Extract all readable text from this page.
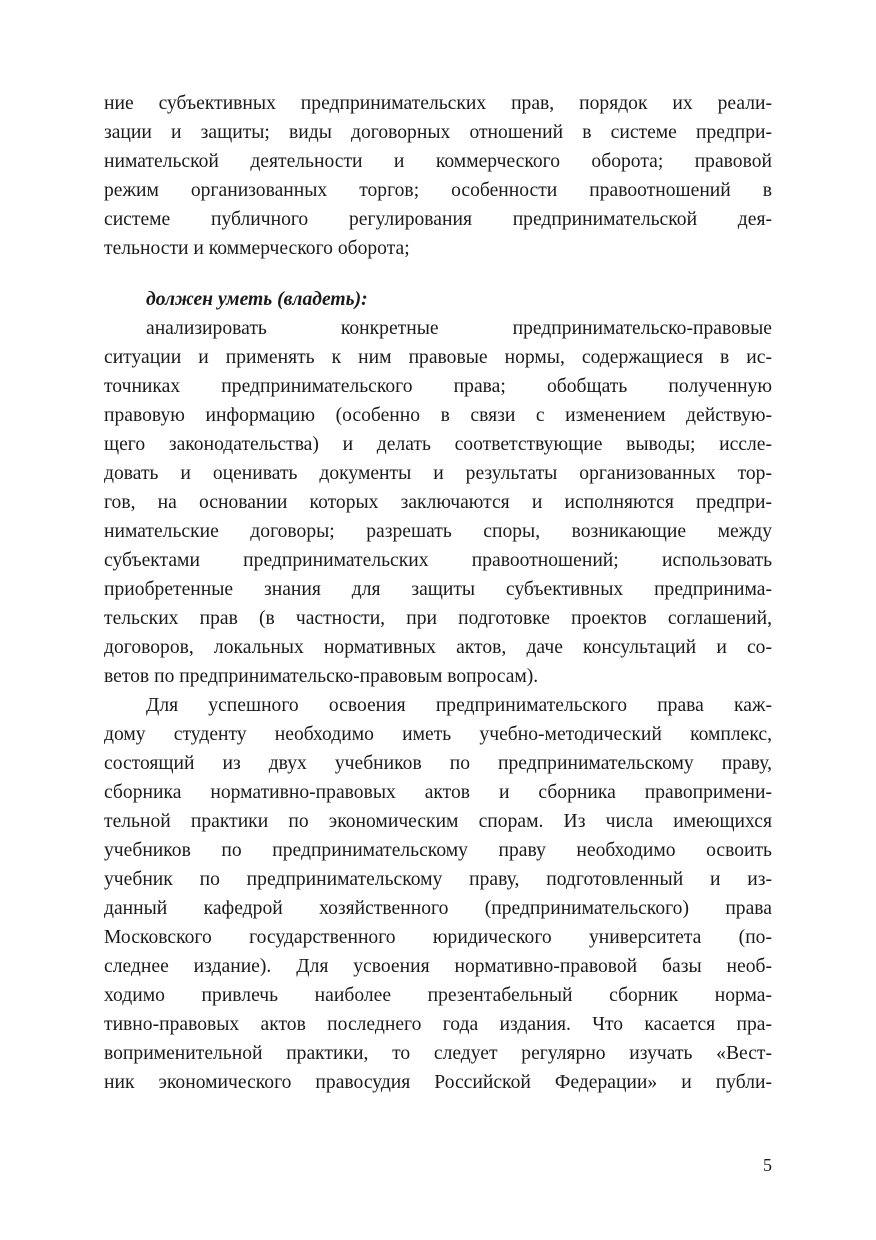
ние субъективных предпринимательских прав, порядок их реали-
зации и защиты; виды договорных отношений в системе предпри-
нимательской деятельности и коммерческого оборота; правовой
режим организованных торгов; особенности правоотношений в
системе публичного регулирования предпринимательской дея-
тельности и коммерческого оборота;
должен уметь (владеть):
анализировать конкретные предпринимательско-правовые
ситуации и применять к ним правовые нормы, содержащиеся в ис-
точниках предпринимательского права; обобщать полученную
правовую информацию (особенно в связи с изменением действую-
щего законодательства) и делать соответствующие выводы; иссле-
довать и оценивать документы и результаты организованных тор-
гов, на основании которых заключаются и исполняются предпри-
нимательские договоры; разрешать споры, возникающие между
субъектами предпринимательских правоотношений; использовать
приобретенные знания для защиты субъективных предпринима-
тельских прав (в частности, при подготовке проектов соглашений,
договоров, локальных нормативных актов, даче консультаций и со-
ветов по предпринимательско-правовым вопросам).
Для успешного освоения предпринимательского права каж-
дому студенту необходимо иметь учебно-методический комплекс,
состоящий из двух учебников по предпринимательскому праву,
сборника нормативно-правовых актов и сборника правопримени-
тельной практики по экономическим спорам. Из числа имеющихся
учебников по предпринимательскому праву необходимо освоить
учебник по предпринимательскому праву, подготовленный и из-
данный кафедрой хозяйственного (предпринимательского) права
Московского государственного юридического университета (по-
следнее издание). Для усвоения нормативно-правовой базы необ-
ходимо привлечь наиболее презентабельный сборник норма-
тивно-правовых актов последнего года издания. Что касается пра-
воприменительной практики, то следует регулярно изучать «Вест-
ник экономического правосудия Российской Федерации» и публи-
5
